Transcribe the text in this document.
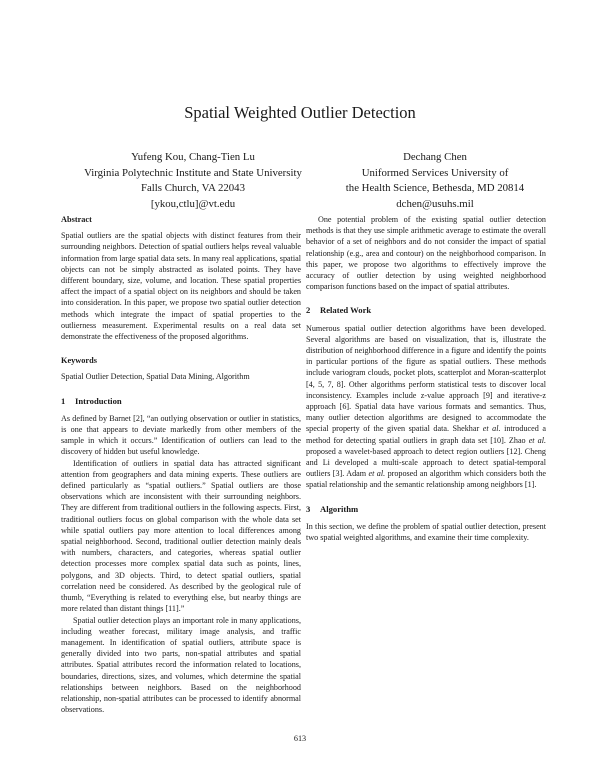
Spatial Weighted Outlier Detection
Yufeng Kou, Chang-Tien Lu
Virginia Polytechnic Institute and State University
Falls Church, VA 22043
[ykou,ctlu]@vt.edu
Dechang Chen
Uniformed Services University of
the Health Science, Bethesda, MD 20814
dchen@usuhs.mil
Abstract

Spatial outliers are the spatial objects with distinct features from their surrounding neighbors. Detection of spatial outliers helps reveal valuable information from large spatial data sets. In many real applications, spatial objects can not be simply abstracted as isolated points. They have different boundary, size, volume, and location. These spatial properties affect the impact of a spatial object on its neighbors and should be taken into consideration. In this paper, we propose two spatial outlier detection methods which integrate the impact of spatial properties to the outlierness measurement. Experimental results on a real data set demonstrate the effectiveness of the proposed algorithms.

Keywords

Spatial Outlier Detection, Spatial Data Mining, Algorithm

1 Introduction

As defined by Barnet [2], “an outlying observation or outlier in statistics, is one that appears to deviate markedly from other members of the sample in which it occurs.” Identification of outliers can lead to the discovery of hidden but useful knowledge.

Identification of outliers in spatial data has attracted significant attention from geographers and data mining experts. These outliers are defined particularly as “spatial outliers.” Spatial outliers are those observations which are inconsistent with their surrounding neighbors. They are different from traditional outliers in the following aspects. First, traditional outliers focus on global comparison with the whole data set while spatial outliers pay more attention to local differences among spatial neighborhood. Second, traditional outlier detection mainly deals with numbers, characters, and categories, whereas spatial outlier detection processes more complex spatial data such as points, lines, polygons, and 3D objects. Third, to detect spatial outliers, spatial correlation need be considered. As described by the geological rule of thumb, “Everything is related to everything else, but nearby things are more related than distant things [11].”

Spatial outlier detection plays an important role in many applications, including weather forecast, military image analysis, and traffic management. In identification of spatial outliers, attribute space is generally divided into two parts, non-spatial attributes and spatial attributes. Spatial attributes record the information related to locations, boundaries, directions, sizes, and volumes, which determine the spatial relationships between neighbors. Based on the neighborhood relationship, non-spatial attributes can be processed to identify abnormal observations.

One potential problem of the existing spatial outlier detection methods is that they use simple arithmetic average to estimate the overall behavior of a set of neighbors and do not consider the impact of spatial relationship (e.g., area and contour) on the neighborhood comparison. In this paper, we propose two algorithms to effectively improve the accuracy of outlier detection by using weighted neighborhood comparison functions based on the impact of spatial attributes.

2 Related Work

Numerous spatial outlier detection algorithms have been developed. Several algorithms are based on visualization, that is, illustrate the distribution of neighborhood difference in a figure and identify the points in particular portions of the figure as spatial outliers. These methods include variogram clouds, pocket plots, scatterplot and Moran-scatterplot [4, 5, 7, 8]. Other algorithms perform statistical tests to discover local inconsistency. Examples include z-value approach [9] and iterative-z approach [6]. Spatial data have various formats and semantics. Thus, many outlier detection algorithms are designed to accommodate the special property of the given spatial data. Shekhar et al. introduced a method for detecting spatial outliers in graph data set [10]. Zhao et al. proposed a wavelet-based approach to detect region outliers [12]. Cheng and Li developed a multi-scale approach to detect spatial-temporal outliers [3]. Adam et al. proposed an algorithm which considers both the spatial relationship and the semantic relationship among neighbors [1].

3 Algorithm

In this section, we define the problem of spatial outlier detection, present two spatial weighted algorithms, and examine their time complexity.

613
